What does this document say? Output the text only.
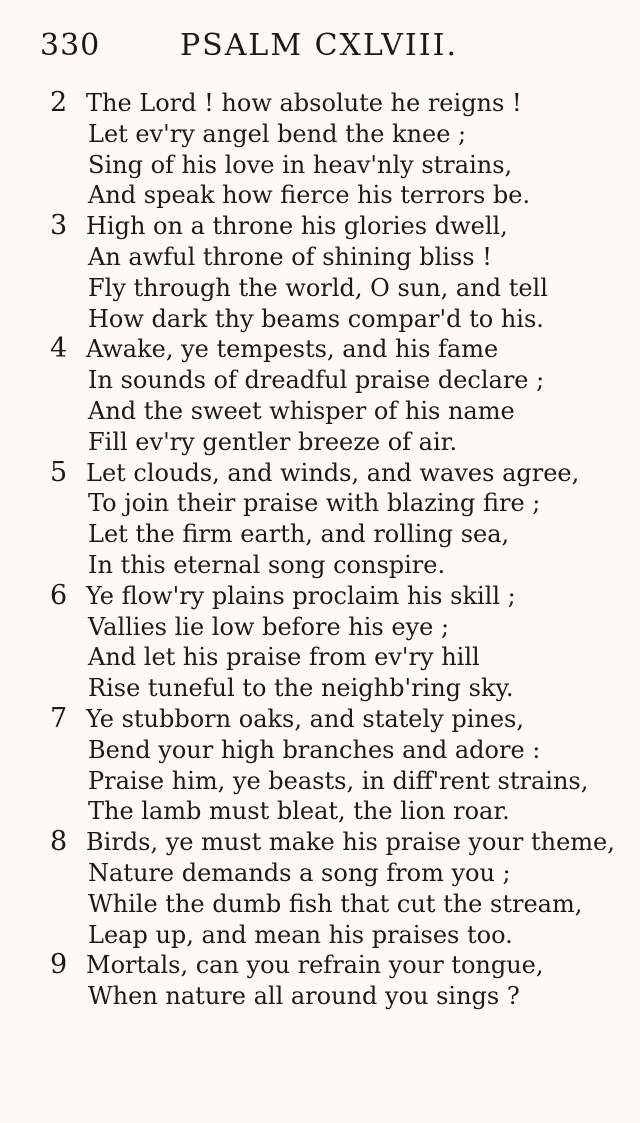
330	PSALM CXLVIII.
2 The Lord ! how absolute he reigns !
Let ev'ry angel bend the knee ;
Sing of his love in heav'nly strains,
And speak how fierce his terrors be.
3 High on a throne his glories dwell,
An awful throne of shining bliss !
Fly through the world, O sun, and tell
How dark thy beams compar'd to his.
4 Awake, ye tempests, and his fame
In sounds of dreadful praise declare ;
And the sweet whisper of his name
Fill ev'ry gentler breeze of air.
5 Let clouds, and winds, and waves agree,
To join their praise with blazing fire ;
Let the firm earth, and rolling sea,
In this eternal song conspire.
6 Ye flow'ry plains proclaim his skill ;
Vallies lie low before his eye ;
And let his praise from ev'ry hill
Rise tuneful to the neighb'ring sky.
7 Ye stubborn oaks, and stately pines,
Bend your high branches and adore :
Praise him, ye beasts, in diff'rent strains,
The lamb must bleat, the lion roar.
8 Birds, ye must make his praise your theme,
Nature demands a song from you ;
While the dumb fish that cut the stream,
Leap up, and mean his praises too.
9 Mortals, can you refrain your tongue,
When nature all around you sings ?
